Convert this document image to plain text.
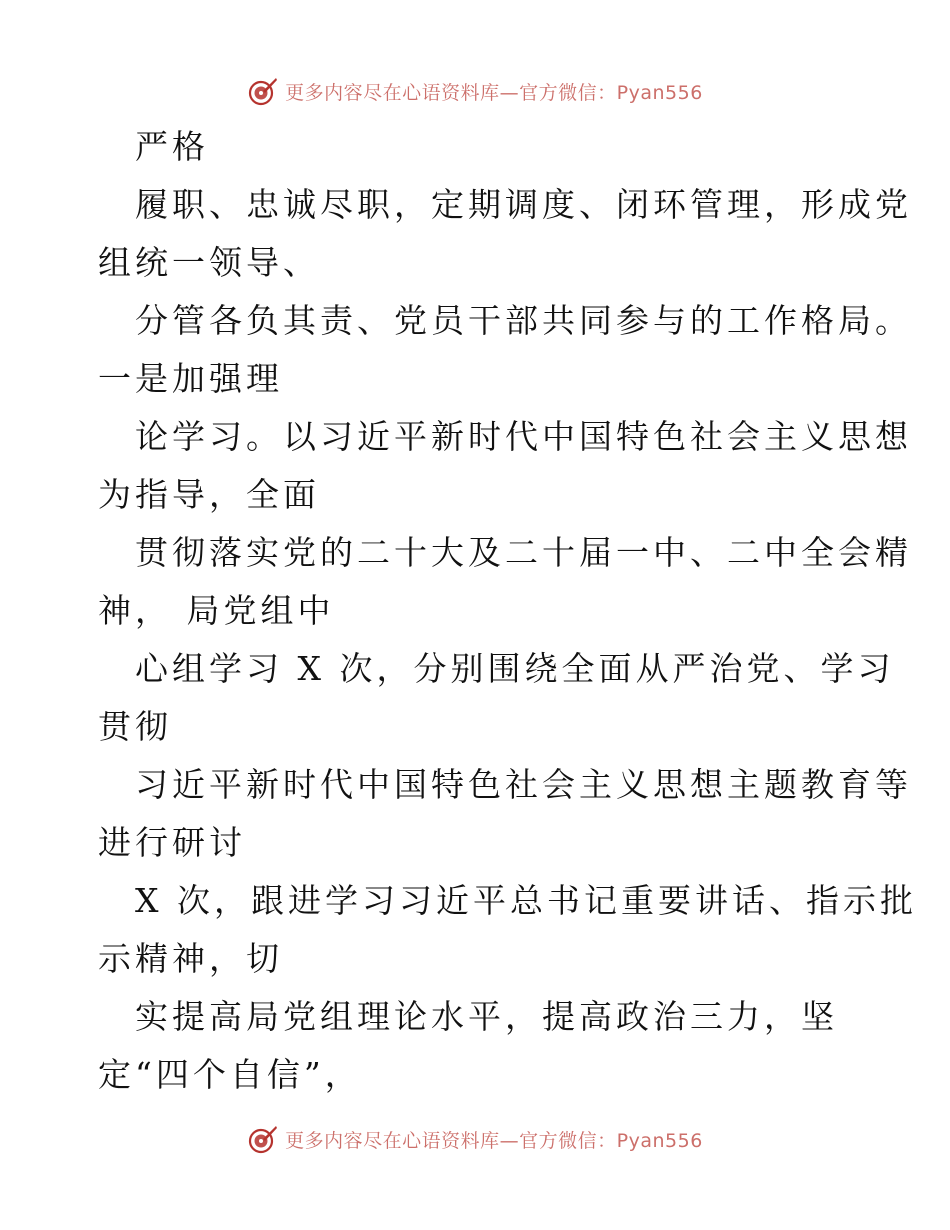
更多内容尽在心语资料库—官方微信：Pyan556
严格
履职、忠诚尽职，定期调度、闭环管理，形成党
组统一领导、
分管各负其责、党员干部共同参与的工作格局。
一是加强理
论学习。以习近平新时代中国特色社会主义思想
为指导，全面
贯彻落实党的二十大及二十届一中、二中全会精
神， 局党组中
心组学习 X 次，分别围绕全面从严治党、学习
贯彻
习近平新时代中国特色社会主义思想主题教育等
进行研讨
X 次，跟进学习习近平总书记重要讲话、指示批
示精神，切
实提高局党组理论水平，提高政治三力，坚
定“四个自信”，
更多内容尽在心语资料库—官方微信：Pyan556
